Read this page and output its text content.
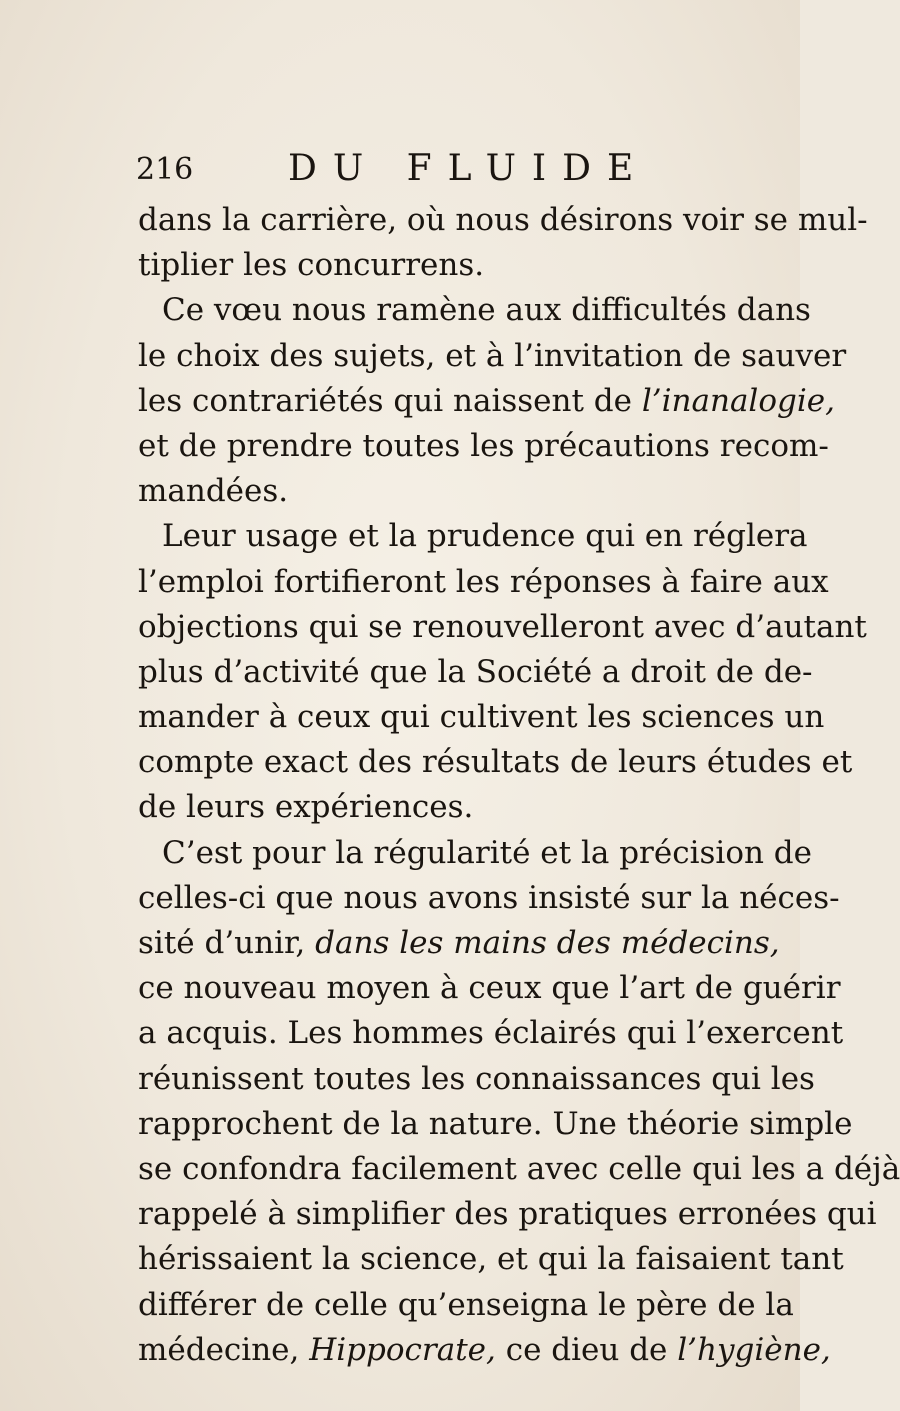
216	DU FLUIDE
dans la carrière, où nous désirons voir se mul-
tiplier les concurrens.
Ce vœu nous ramène aux difficultés dans
le choix des sujets, et à l’invitation de sauver
les contrariétés qui naissent de l’inanalogie,
et de prendre toutes les précautions recom-
mandées.
Leur usage et la prudence qui en réglera
l’emploi fortifieront les réponses à faire aux
objections qui se renouvelleront avec d’autant
plus d’activité que la Société a droit de de-
mander à ceux qui cultivent les sciences un
compte exact des résultats de leurs études et
de leurs expériences.
C’est pour la régularité et la précision de
celles-ci que nous avons insisté sur la néces-
sité d’unir, dans les mains des médecins,
ce nouveau moyen à ceux que l’art de guérir
a acquis. Les hommes éclairés qui l’exercent
réunissent toutes les connaissances qui les
rapprochent de la nature. Une théorie simple
se confondra facilement avec celle qui les a déjà
rappelé à simplifier des pratiques erronées qui
hérissaient la science, et qui la faisaient tant
différer de celle qu’enseigna le père de la
médecine, Hippocrate, ce dieu de l’hygiène,
